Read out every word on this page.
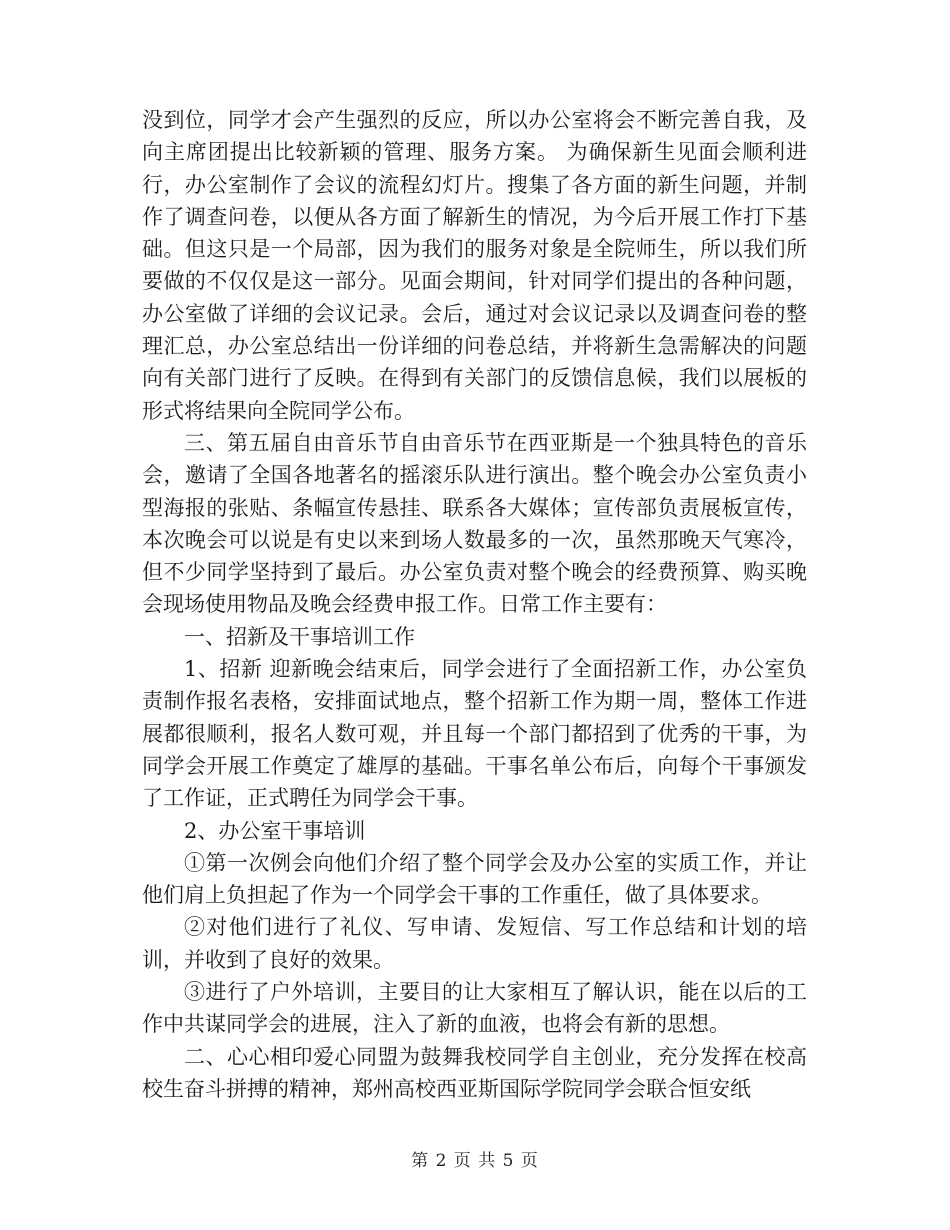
没到位，同学才会产生强烈的反应，所以办公室将会不断完善自我，及向主席团提出比较新颖的管理、服务方案。 为确保新生见面会顺利进行，办公室制作了会议的流程幻灯片。搜集了各方面的新生问题，并制作了调查问卷，以便从各方面了解新生的情况，为今后开展工作打下基础。但这只是一个局部，因为我们的服务对象是全院师生，所以我们所要做的不仅仅是这一部分。见面会期间，针对同学们提出的各种问题，办公室做了详细的会议记录。会后，通过对会议记录以及调查问卷的整理汇总，办公室总结出一份详细的问卷总结，并将新生急需解决的问题向有关部门进行了反映。在得到有关部门的反馈信息候，我们以展板的形式将结果向全院同学公布。

三、第五届自由音乐节自由音乐节在西亚斯是一个独具特色的音乐会，邀请了全国各地著名的摇滚乐队进行演出。整个晚会办公室负责小型海报的张贴、条幅宣传悬挂、联系各大媒体；宣传部负责展板宣传，本次晚会可以说是有史以来到场人数最多的一次，虽然那晚天气寒冷，但不少同学坚持到了最后。办公室负责对整个晚会的经费预算、购买晚会现场使用物品及晚会经费申报工作。日常工作主要有：

一、招新及干事培训工作

1、招新 迎新晚会结束后，同学会进行了全面招新工作，办公室负责制作报名表格，安排面试地点，整个招新工作为期一周，整体工作进展都很顺利，报名人数可观，并且每一个部门都招到了优秀的干事，为同学会开展工作奠定了雄厚的基础。干事名单公布后，向每个干事颁发了工作证，正式聘任为同学会干事。

2、办公室干事培训

①第一次例会向他们介绍了整个同学会及办公室的实质工作，并让他们肩上负担起了作为一个同学会干事的工作重任，做了具体要求。

②对他们进行了礼仪、写申请、发短信、写工作总结和计划的培训，并收到了良好的效果。

③进行了户外培训，主要目的让大家相互了解认识，能在以后的工作中共谋同学会的进展，注入了新的血液，也将会有新的思想。

二、心心相印爱心同盟为鼓舞我校同学自主创业，充分发挥在校高校生奋斗拼搏的精神，郑州高校西亚斯国际学院同学会联合恒安纸

第 2 页 共 5 页
